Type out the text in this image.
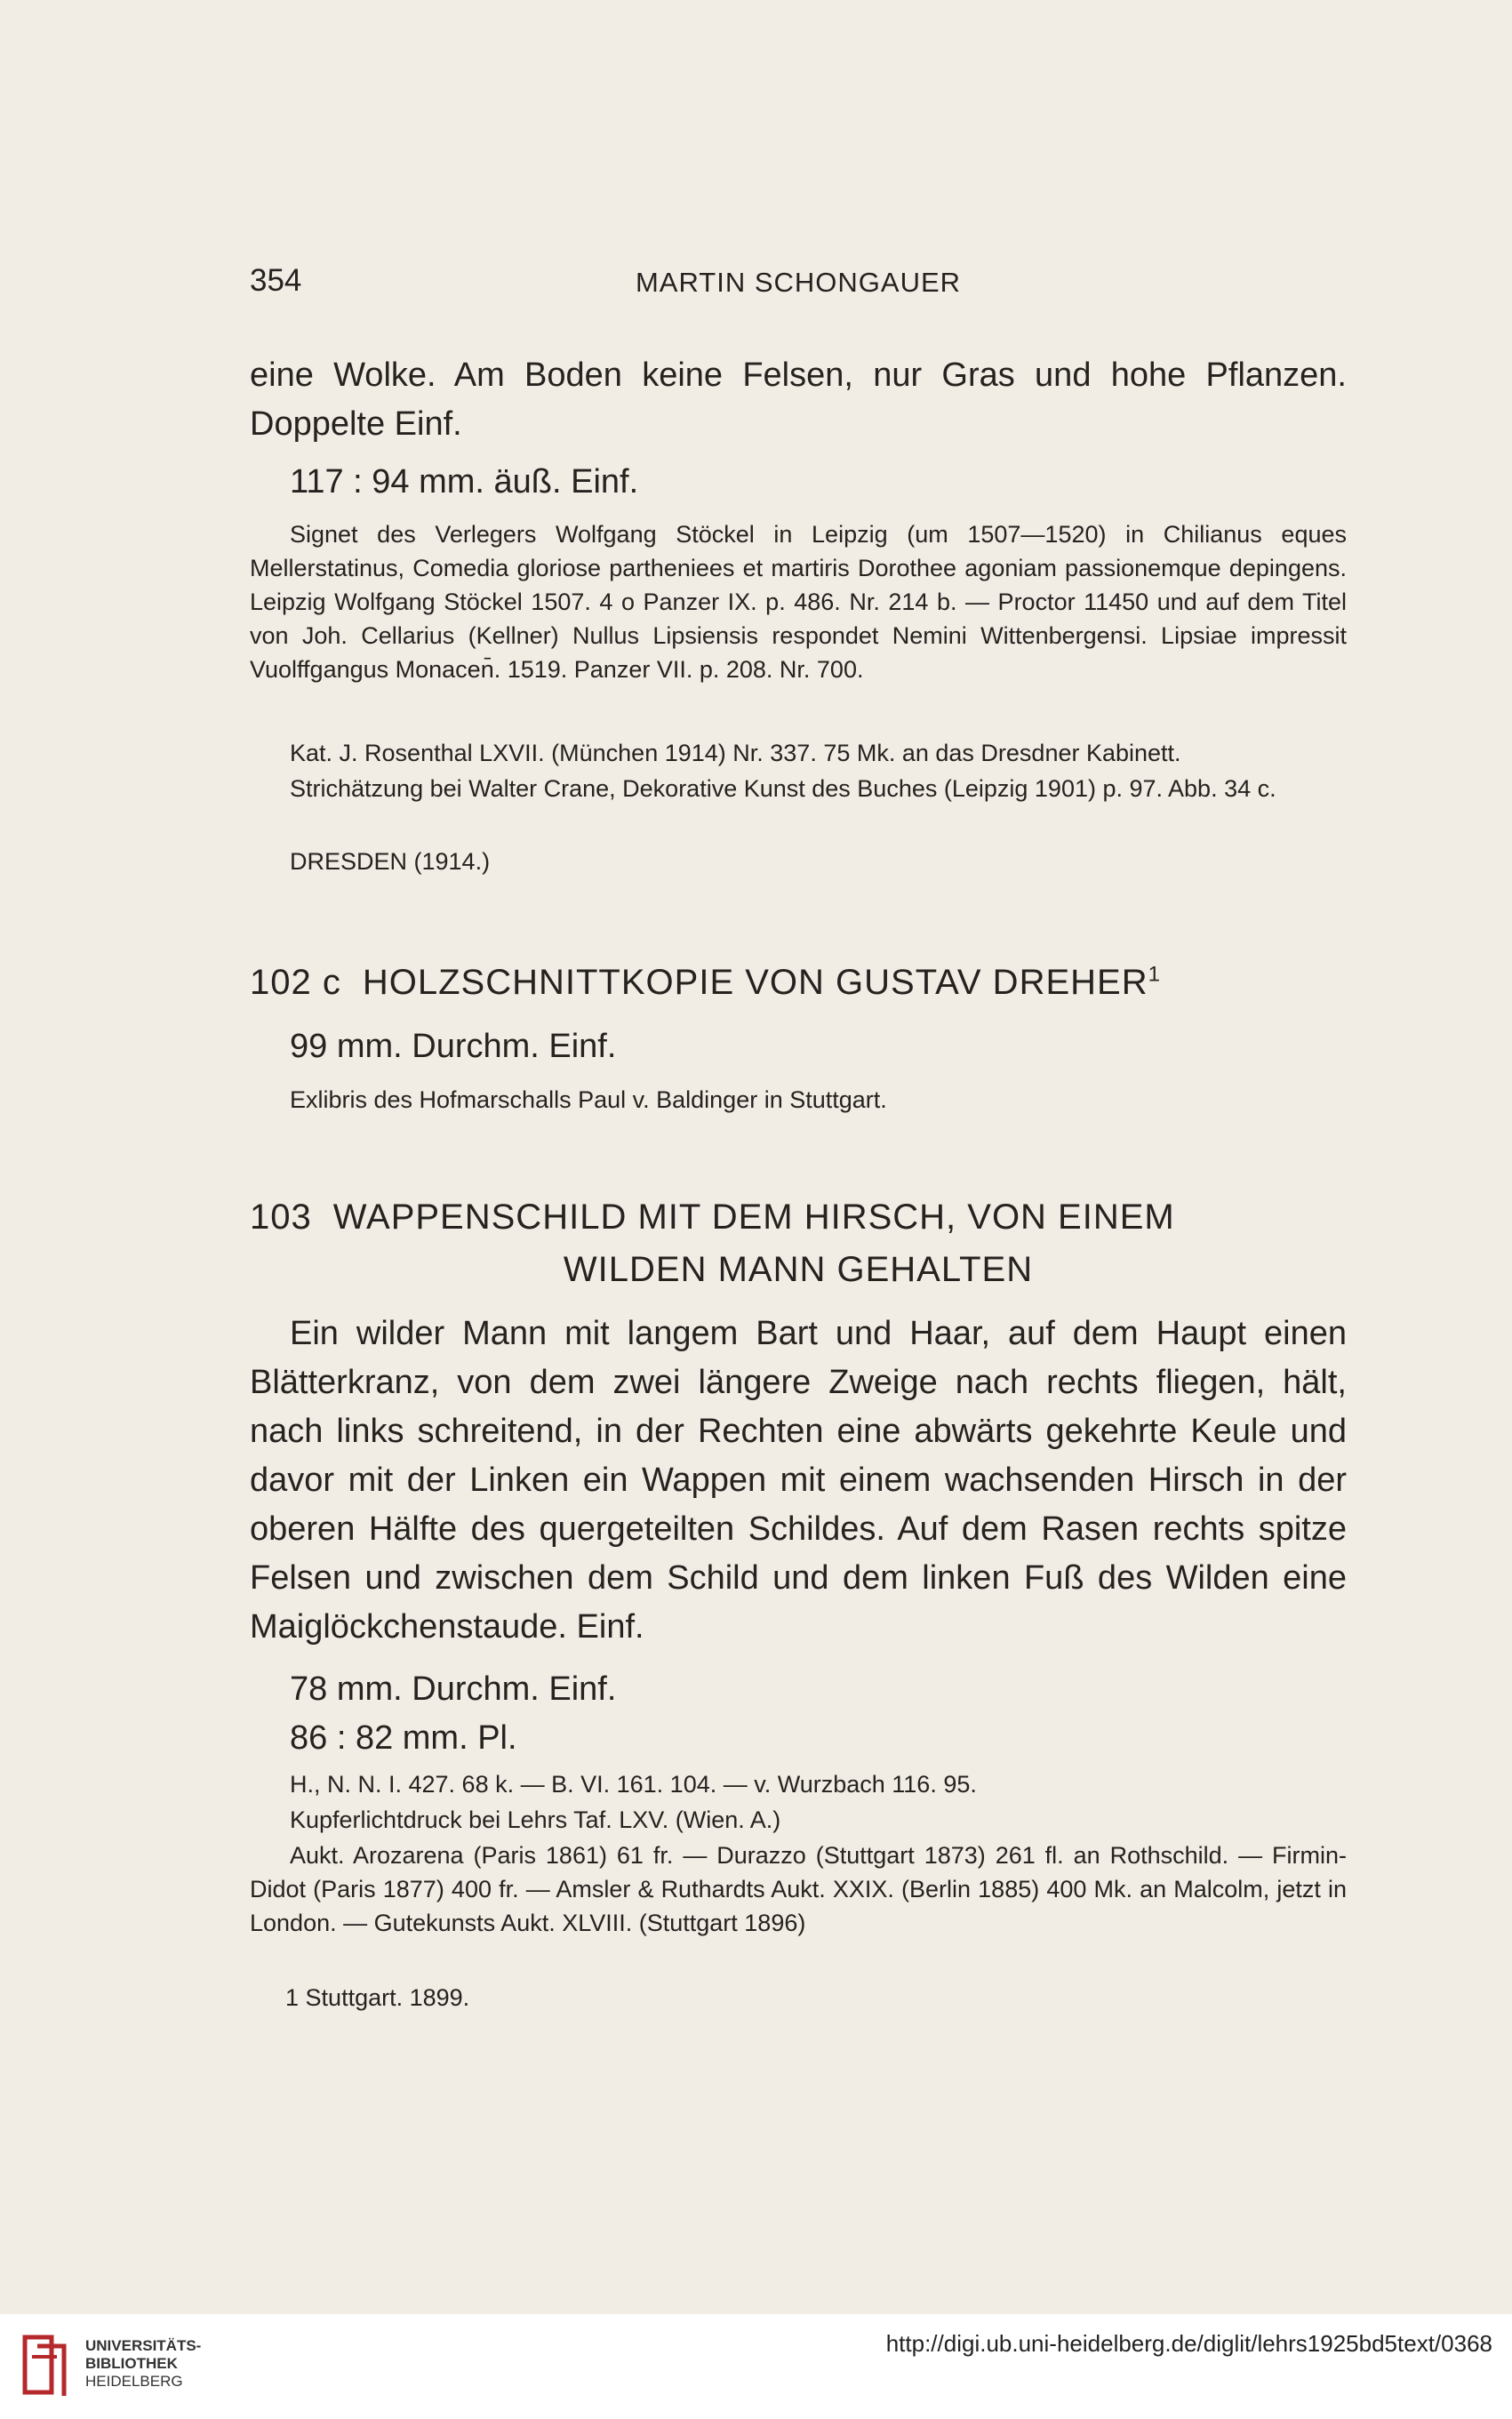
354	MARTIN SCHONGAUER
eine Wolke. Am Boden keine Felsen, nur Gras und hohe Pflanzen. Doppelte Einf.
117 : 94 mm. äuß. Einf.
Signet des Verlegers Wolfgang Stöckel in Leipzig (um 1507—1520) in Chilianus eques Mellerstatinus, Comedia gloriose partheniees et martiris Dorothee agoniam passionemque depingens. Leipzig Wolfgang Stöckel 1507. 4 o Panzer IX. p. 486. Nr. 214 b. — Proctor 11450 und auf dem Titel von Joh. Cellarius (Kellner) Nullus Lipsiensis respondet Nemini Wittenbergensi. Lipsiae impressit Vuolffgangus Monacen̄. 1519. Panzer VII. p. 208. Nr. 700.
Kat. J. Rosenthal LXVII. (München 1914) Nr. 337. 75 Mk. an das Dresdner Kabinett.
Strichätzung bei Walter Crane, Dekorative Kunst des Buches (Leipzig 1901) p. 97. Abb. 34 c.
DRESDEN (1914.)
102 c HOLZSCHNITTKOPIE VON GUSTAV DREHER$^1$
99 mm. Durchm. Einf.
Exlibris des Hofmarschalls Paul v. Baldinger in Stuttgart.
103 WAPPENSCHILD MIT DEM HIRSCH, VON EINEM
WILDEN MANN GEHALTEN
Ein wilder Mann mit langem Bart und Haar, auf dem Haupt einen Blätterkranz, von dem zwei längere Zweige nach rechts fliegen, hält, nach links schreitend, in der Rechten eine abwärts gekehrte Keule und davor mit der Linken ein Wappen mit einem wachsenden Hirsch in der oberen Hälfte des quergeteilten Schildes. Auf dem Rasen rechts spitze Felsen und zwischen dem Schild und dem linken Fuß des Wilden eine Maiglöckchenstaude. Einf.
78 mm. Durchm. Einf.
86 : 82 mm. Pl.
H., N. N. I. 427. 68 k. — B. VI. 161. 104. — v. Wurzbach 116. 95.
Kupferlichtdruck bei Lehrs Taf. LXV. (Wien. A.)
Aukt. Arozarena (Paris 1861) 61 fr. — Durazzo (Stuttgart 1873) 261 fl. an Rothschild. — Firmin-Didot (Paris 1877) 400 fr. — Amsler & Ruthardts Aukt. XXIX. (Berlin 1885) 400 Mk. an Malcolm, jetzt in London. — Gutekunsts Aukt. XLVIII. (Stuttgart 1896)
1 Stuttgart. 1899.
UNIVERSITÄTS-
BIBLIOTHEK
HEIDELBERG
http://digi.ub.uni-heidelberg.de/diglit/lehrs1925bd5text/0368
